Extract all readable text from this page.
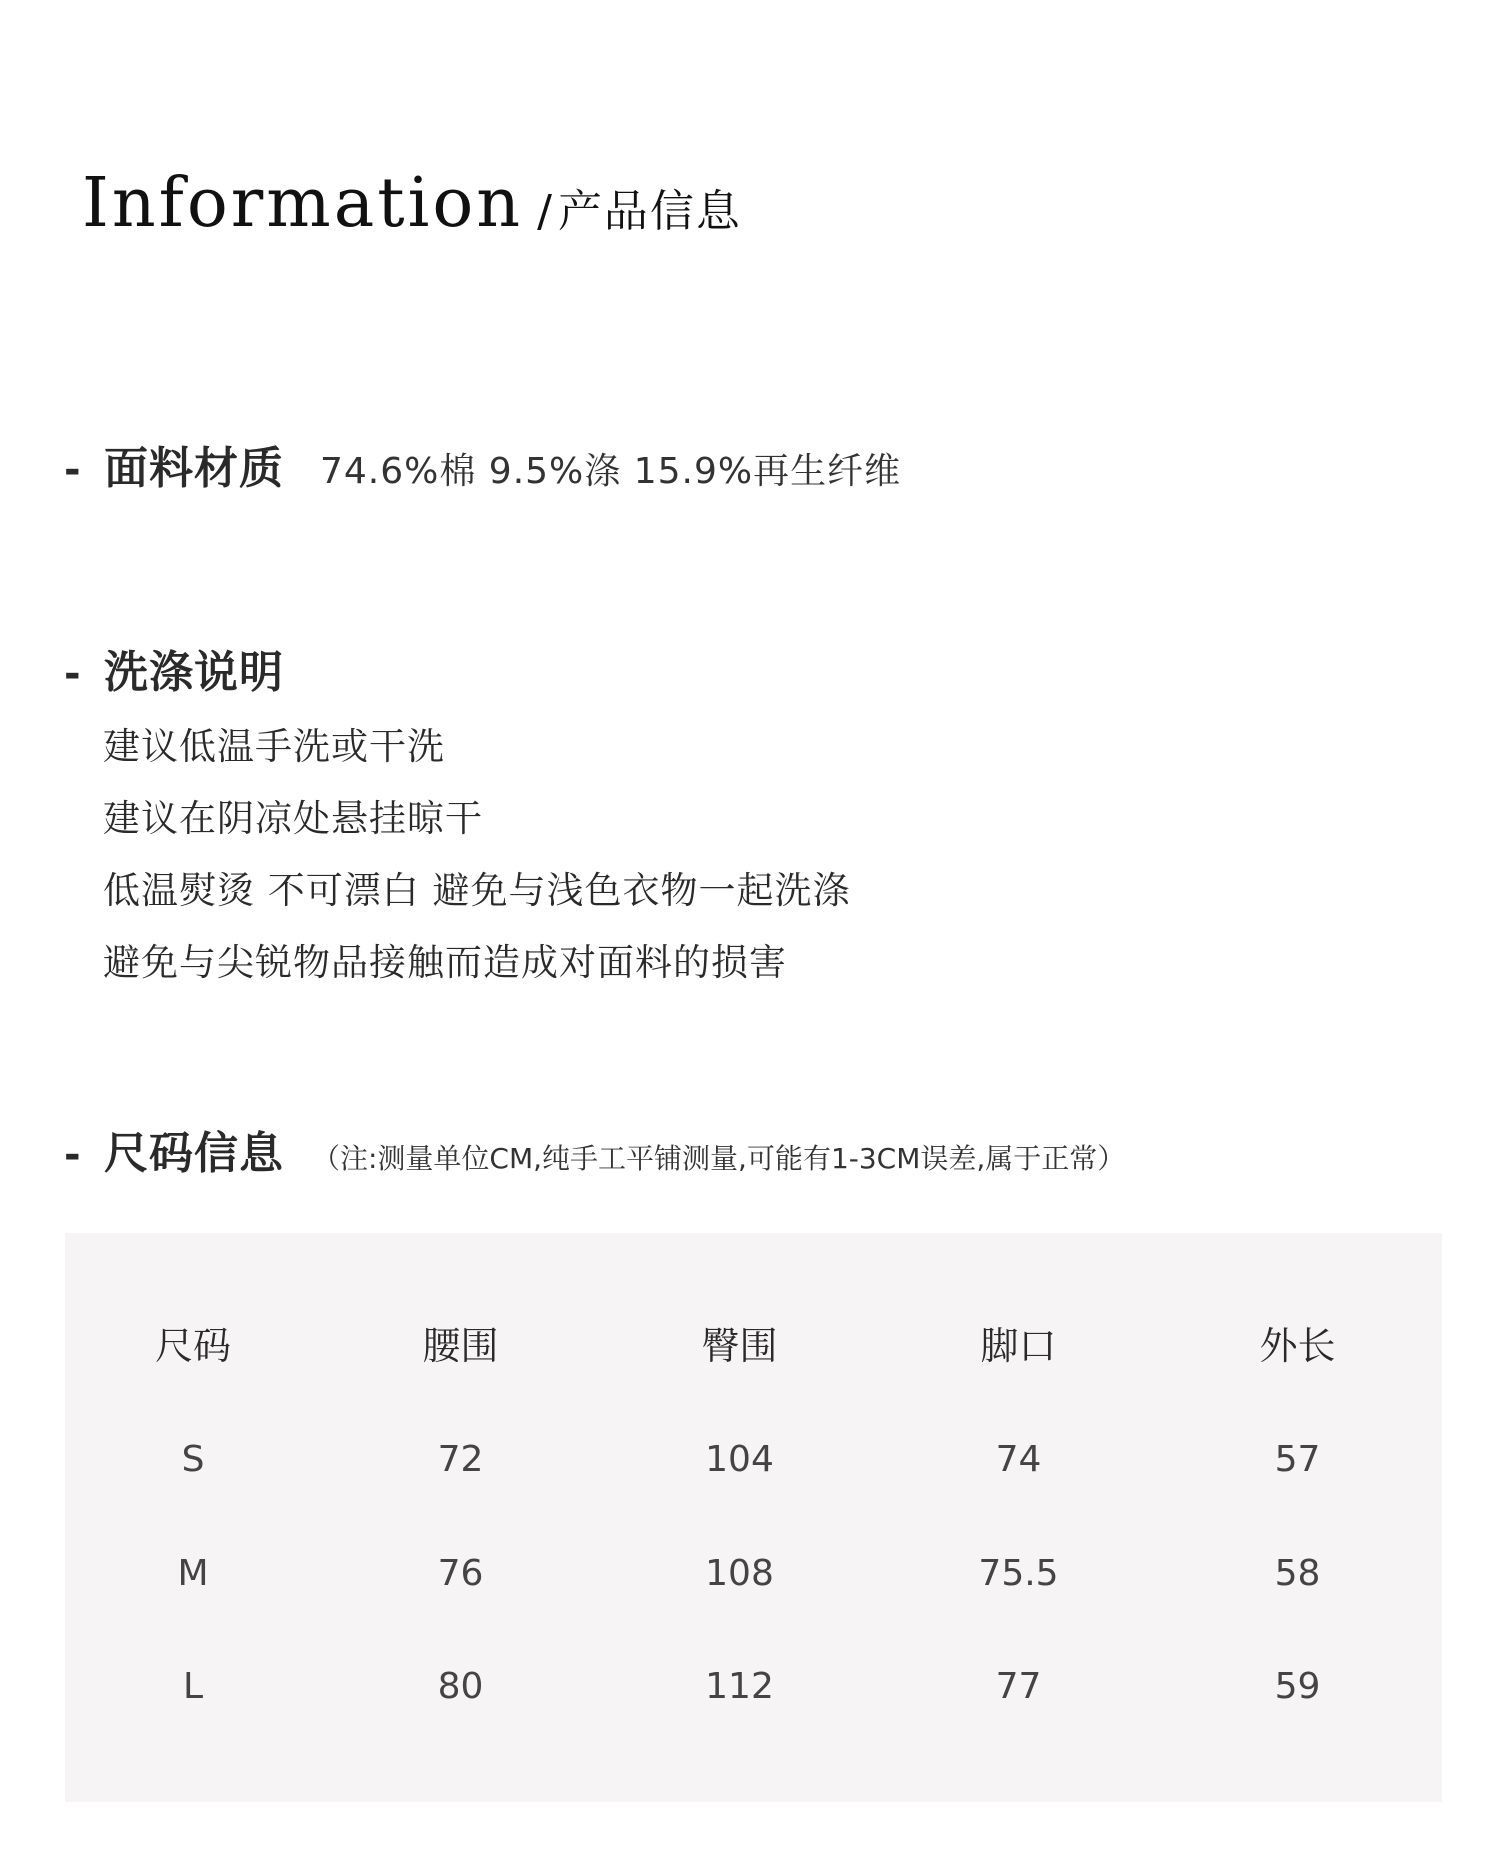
Information / 产品信息
- 面料材质 74.6%棉 9.5%涤 15.9%再生纤维
- 洗涤说明
建议低温手洗或干洗
建议在阴凉处悬挂晾干
低温熨烫 不可漂白 避免与浅色衣物一起洗涤
避免与尖锐物品接触而造成对面料的损害
- 尺码信息 （注:测量单位CM,纯手工平铺测量,可能有1-3CM误差,属于正常）
尺码	腰围	臀围	脚口	外长
S	72	104	74	57
M	76	108	75.5	58
L	80	112	77	59
